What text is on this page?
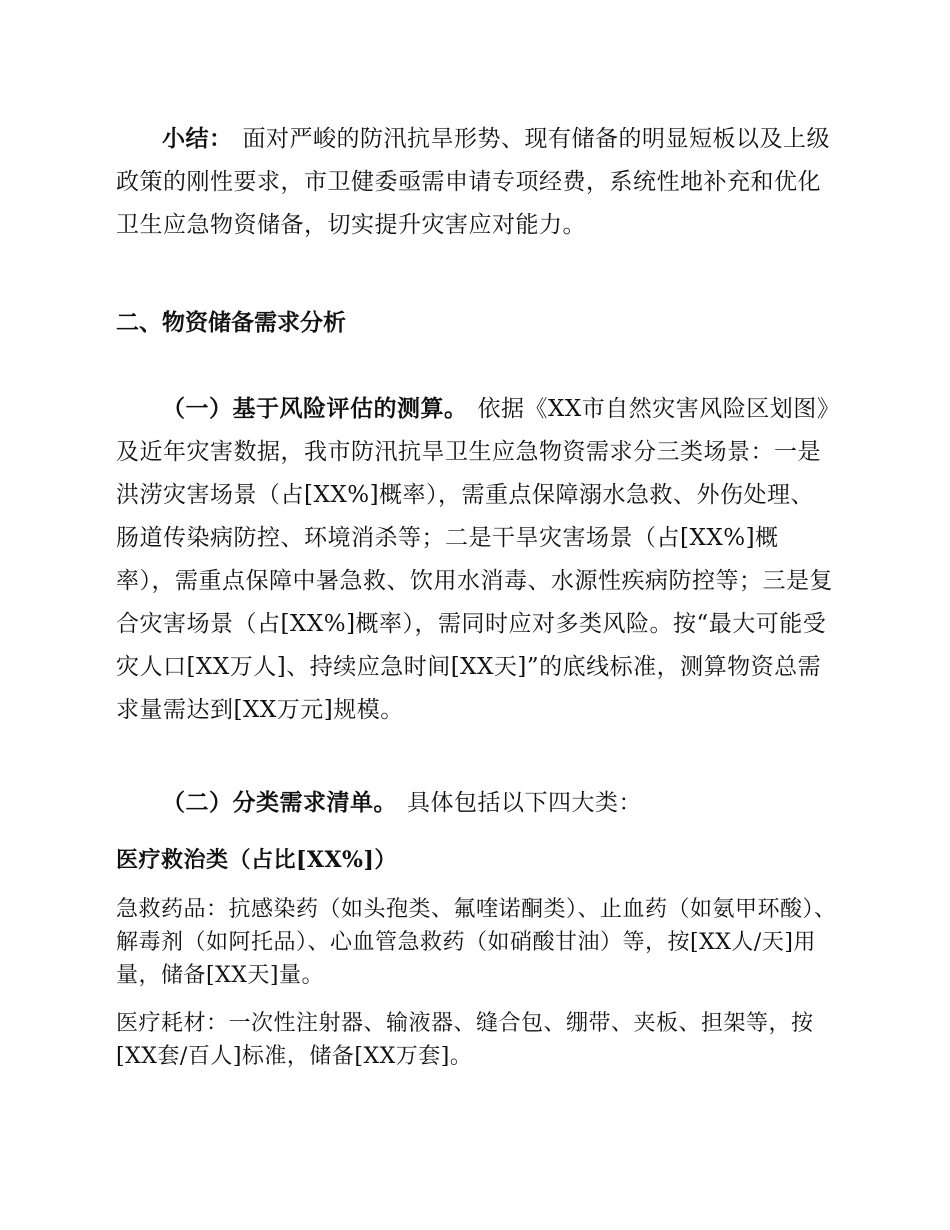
小结： 面对严峻的防汛抗旱形势、现有储备的明显短板以及上级政策的刚性要求，市卫健委亟需申请专项经费，系统性地补充和优化卫生应急物资储备，切实提升灾害应对能力。

二、物资储备需求分析

（一）基于风险评估的测算。 依据《XX市自然灾害风险区划图》及近年灾害数据，我市防汛抗旱卫生应急物资需求分三类场景：一是洪涝灾害场景（占[XX%]概率），需重点保障溺水急救、外伤处理、肠道传染病防控、环境消杀等；二是干旱灾害场景（占[XX%]概率），需重点保障中暑急救、饮用水消毒、水源性疾病防控等；三是复合灾害场景（占[XX%]概率），需同时应对多类风险。按“最大可能受灾人口[XX万人]、持续应急时间[XX天]”的底线标准，测算物资总需求量需达到[XX万元]规模。

（二）分类需求清单。 具体包括以下四大类：

医疗救治类（占比[XX%]）

急救药品：抗感染药（如头孢类、氟喹诺酮类）、止血药（如氨甲环酸）、解毒剂（如阿托品）、心血管急救药（如硝酸甘油）等，按[XX人/天]用量，储备[XX天]量。

医疗耗材：一次性注射器、输液器、缝合包、绷带、夹板、担架等，按[XX套/百人]标准，储备[XX万套]。
